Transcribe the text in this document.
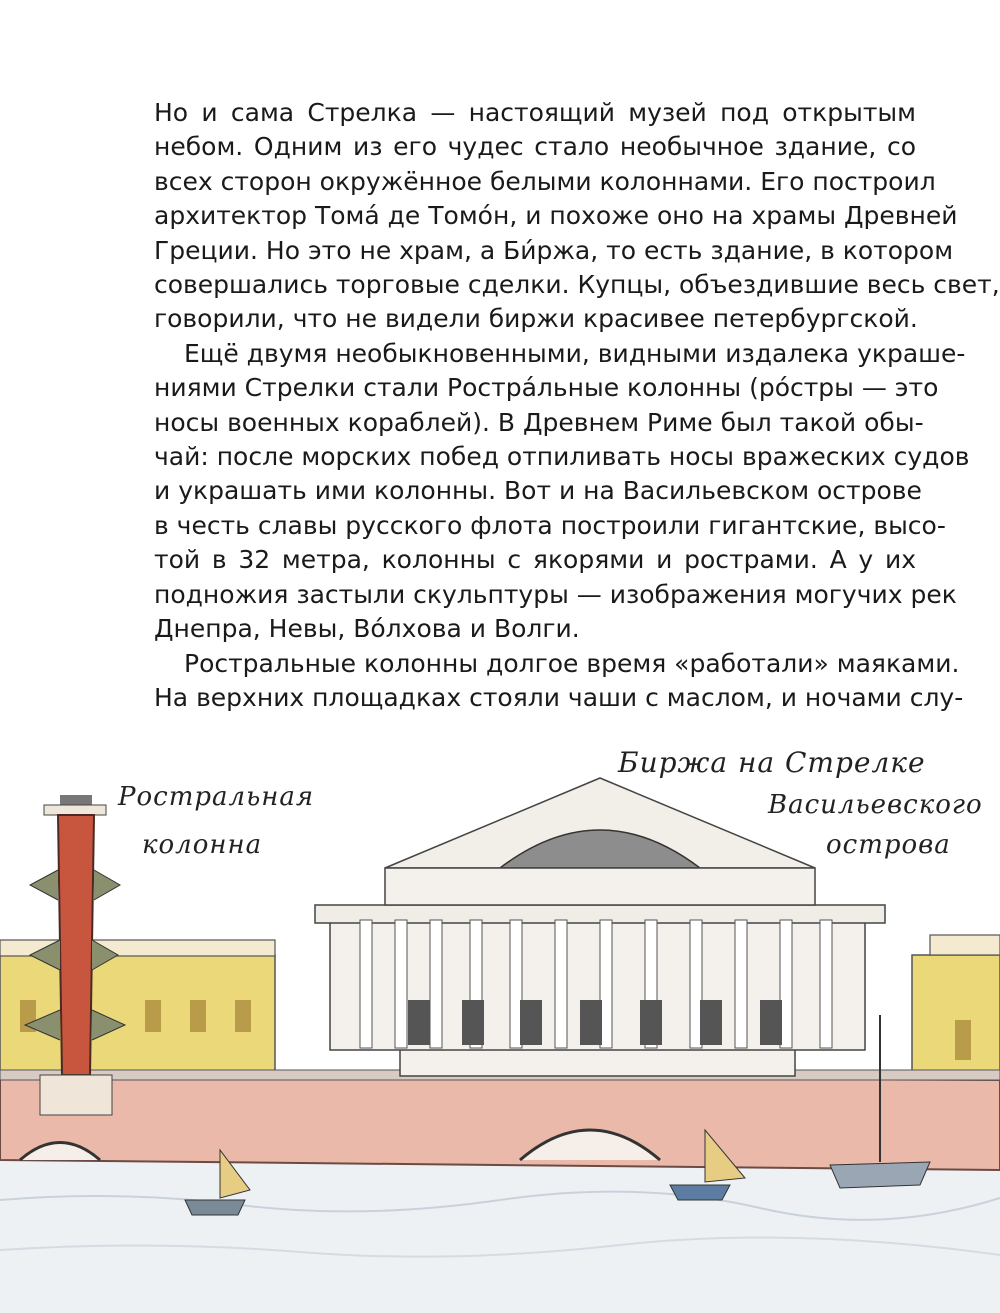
Но и сама Стрелка — настоящий музей под открытым
небом. Одним из его чудес стало необычное здание, со
всех сторон окружённое белыми колоннами. Его построил
архитектор Тома́ де Томо́н, и похоже оно на храмы Древней
Греции. Но это не храм, а Би́ржа, то есть здание, в котором
совершались торговые сделки. Купцы, объездившие весь свет,
говорили, что не видели биржи красивее петербургской.

Ещё двумя необыкновенными, видными издалека украше-
ниями Стрелки стали Ростра́льные колонны (ро́стры — это
носы военных кораблей). В Древнем Риме был такой обы-
чай: после морских побед отпиливать носы вражеских судов
и украшать ими колонны. Вот и на Васильевском острове
в честь славы русского флота построили гигантские, высо-
той в 32 метра, колонны с якорями и рострами. А у их
подножия застыли скульптуры — изображения могучих рек
Днепра, Невы, Во́лхова и Волги.

Ростральные колонны долгое время «работали» маяками.
На верхних площадках стояли чаши с маслом, и ночами слу-

Ростральная
колонна
Биржа на Стрелке
Васильевского
острова
